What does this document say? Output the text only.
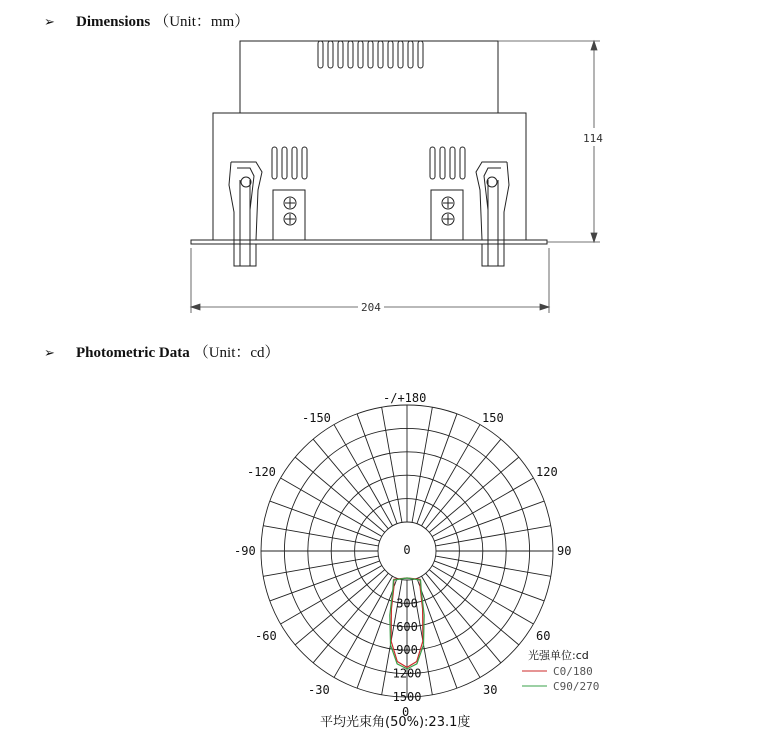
➢	Dimensions （Unit：mm）
➢	Photometric Data （Unit：cd）
114
204
-/+180
-150	150
-120	120
-90	90
-60	60
-30	30
0
0
300
600
900
1200
1500
光强单位:cd
C0/180
C90/270
平均光束角(50%):23.1度
